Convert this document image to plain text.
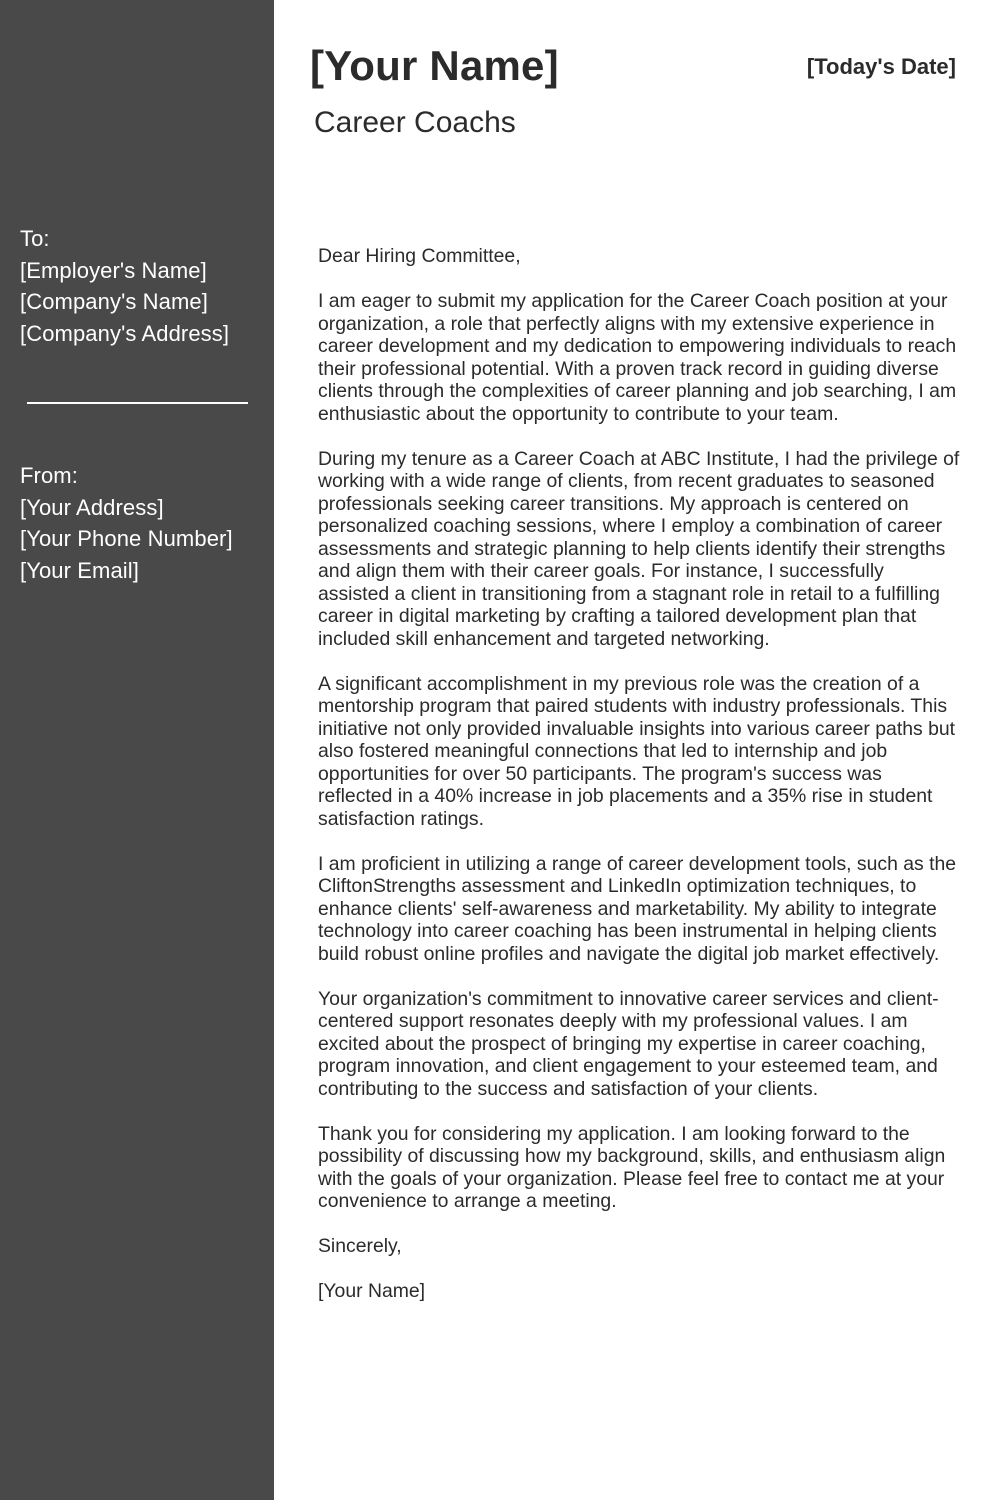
To:
[Employer's Name]
[Company's Name]
[Company's Address]
From:
[Your Address]
[Your Phone Number]
[Your Email]
[Your Name]	[Today's Date]
Career Coachs

Dear Hiring Committee,

I am eager to submit my application for the Career Coach position at your organization, a role that perfectly aligns with my extensive experience in career development and my dedication to empowering individuals to reach their professional potential. With a proven track record in guiding diverse clients through the complexities of career planning and job searching, I am enthusiastic about the opportunity to contribute to your team.

During my tenure as a Career Coach at ABC Institute, I had the privilege of working with a wide range of clients, from recent graduates to seasoned professionals seeking career transitions. My approach is centered on personalized coaching sessions, where I employ a combination of career assessments and strategic planning to help clients identify their strengths and align them with their career goals. For instance, I successfully assisted a client in transitioning from a stagnant role in retail to a fulfilling career in digital marketing by crafting a tailored development plan that included skill enhancement and targeted networking.

A significant accomplishment in my previous role was the creation of a mentorship program that paired students with industry professionals. This initiative not only provided invaluable insights into various career paths but also fostered meaningful connections that led to internship and job opportunities for over 50 participants. The program's success was reflected in a 40% increase in job placements and a 35% rise in student satisfaction ratings.

I am proficient in utilizing a range of career development tools, such as the CliftonStrengths assessment and LinkedIn optimization techniques, to enhance clients' self-awareness and marketability. My ability to integrate technology into career coaching has been instrumental in helping clients build robust online profiles and navigate the digital job market effectively.

Your organization's commitment to innovative career services and client-centered support resonates deeply with my professional values. I am excited about the prospect of bringing my expertise in career coaching, program innovation, and client engagement to your esteemed team, and contributing to the success and satisfaction of your clients.

Thank you for considering my application. I am looking forward to the possibility of discussing how my background, skills, and enthusiasm align with the goals of your organization. Please feel free to contact me at your convenience to arrange a meeting.

Sincerely,

[Your Name]
